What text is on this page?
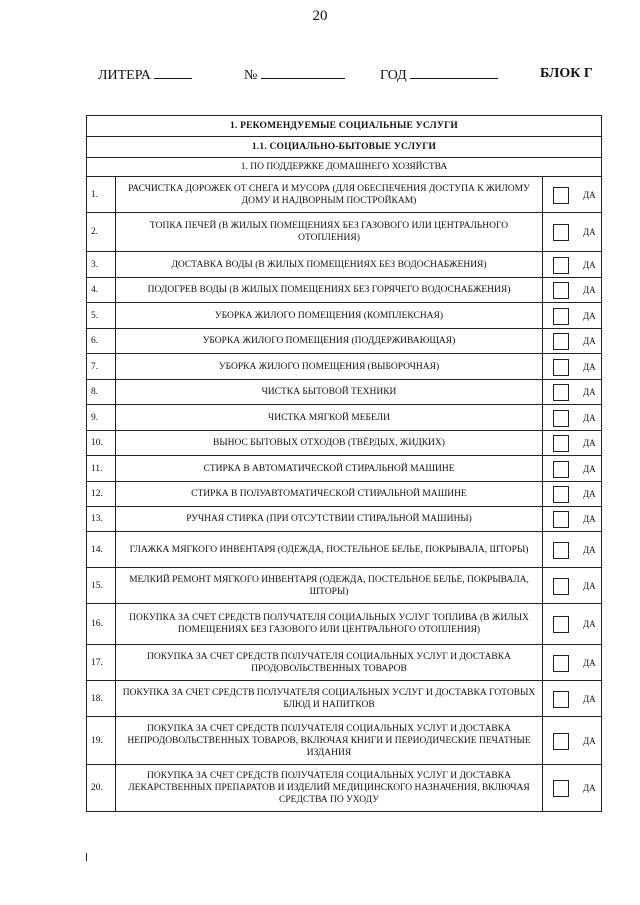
20
ЛИТЕРА	№	ГОД	БЛОК Г
1. РЕКОМЕНДУЕМЫЕ СОЦИАЛЬНЫЕ УСЛУГИ		
1.1. СОЦИАЛЬНО-БЫТОВЫЕ УСЛУГИ		
1. ПО ПОДДЕРЖКЕ ДОМАШНЕГО ХОЗЯЙСТВА		
1.	РАСЧИСТКА ДОРОЖЕК ОТ СНЕГА И МУСОРА (ДЛЯ ОБЕСПЕЧЕНИЯ ДОСТУПА К ЖИЛОМУ ДОМУ И НАДВОРНЫМ ПОСТРОЙКАМ)	ДА

2.	ТОПКА ПЕЧЕЙ (В ЖИЛЫХ ПОМЕЩЕНИЯХ БЕЗ ГАЗОВОГО ИЛИ ЦЕНТРАЛЬНОГО ОТОПЛЕНИЯ)	ДА

3.	ДОСТАВКА ВОДЫ (В ЖИЛЫХ ПОМЕЩЕНИЯХ БЕЗ ВОДОСНАБЖЕНИЯ)	ДА

4.	ПОДОГРЕВ ВОДЫ (В ЖИЛЫХ ПОМЕЩЕНИЯХ БЕЗ ГОРЯЧЕГО ВОДОСНАБЖЕНИЯ)	ДА

5.	УБОРКА ЖИЛОГО ПОМЕЩЕНИЯ (КОМПЛЕКСНАЯ)	ДА

6.	УБОРКА ЖИЛОГО ПОМЕЩЕНИЯ (ПОДДЕРЖИВАЮЩАЯ)	ДА

7.	УБОРКА ЖИЛОГО ПОМЕЩЕНИЯ (ВЫБОРОЧНАЯ)	ДА

8.	ЧИСТКА БЫТОВОЙ ТЕХНИКИ	ДА

9.	ЧИСТКА МЯГКОЙ МЕБЕЛИ	ДА

10.	ВЫНОС БЫТОВЫХ ОТХОДОВ (ТВЁРДЫХ, ЖИДКИХ)	ДА

11.	СТИРКА В АВТОМАТИЧЕСКОЙ СТИРАЛЬНОЙ МАШИНЕ	ДА

12.	СТИРКА В ПОЛУАВТОМАТИЧЕСКОЙ СТИРАЛЬНОЙ МАШИНЕ	ДА

13.	РУЧНАЯ СТИРКА (ПРИ ОТСУТСТВИИ СТИРАЛЬНОЙ МАШИНЫ)	ДА

14.	ГЛАЖКА МЯГКОГО ИНВЕНТАРЯ (ОДЕЖДА, ПОСТЕЛЬНОЕ БЕЛЬЕ, ПОКРЫВАЛА, ШТОРЫ)	ДА

15.	МЕЛКИЙ РЕМОНТ МЯГКОГО ИНВЕНТАРЯ (ОДЕЖДА, ПОСТЕЛЬНОЕ БЕЛЬЕ, ПОКРЫВАЛА, ШТОРЫ)	ДА

16.	ПОКУПКА ЗА СЧЕТ СРЕДСТВ ПОЛУЧАТЕЛЯ СОЦИАЛЬНЫХ УСЛУГ ТОПЛИВА (В ЖИЛЫХ ПОМЕЩЕНИЯХ БЕЗ ГАЗОВОГО ИЛИ ЦЕНТРАЛЬНОГО ОТОПЛЕНИЯ)	ДА

17.	ПОКУПКА ЗА СЧЕТ СРЕДСТВ ПОЛУЧАТЕЛЯ СОЦИАЛЬНЫХ УСЛУГ И ДОСТАВКА ПРОДОВОЛЬСТВЕННЫХ ТОВАРОВ	ДА

18.	ПОКУПКА ЗА СЧЕТ СРЕДСТВ ПОЛУЧАТЕЛЯ СОЦИАЛЬНЫХ УСЛУГ И ДОСТАВКА ГОТОВЫХ БЛЮД И НАПИТКОВ	ДА

19.	ПОКУПКА ЗА СЧЕТ СРЕДСТВ ПОЛУЧАТЕЛЯ СОЦИАЛЬНЫХ УСЛУГ И ДОСТАВКА НЕПРОДОВОЛЬСТВЕННЫХ ТОВАРОВ, ВКЛЮЧАЯ КНИГИ И ПЕРИОДИЧЕСКИЕ ПЕЧАТНЫЕ ИЗДАНИЯ	ДА

20.	ПОКУПКА ЗА СЧЕТ СРЕДСТВ ПОЛУЧАТЕЛЯ СОЦИАЛЬНЫХ УСЛУГ И ДОСТАВКА ЛЕКАРСТВЕННЫХ ПРЕПАРАТОВ И ИЗДЕЛИЙ МЕДИЦИНСКОГО НАЗНАЧЕНИЯ, ВКЛЮЧАЯ СРЕДСТВА ПО УХОДУ	ДА
